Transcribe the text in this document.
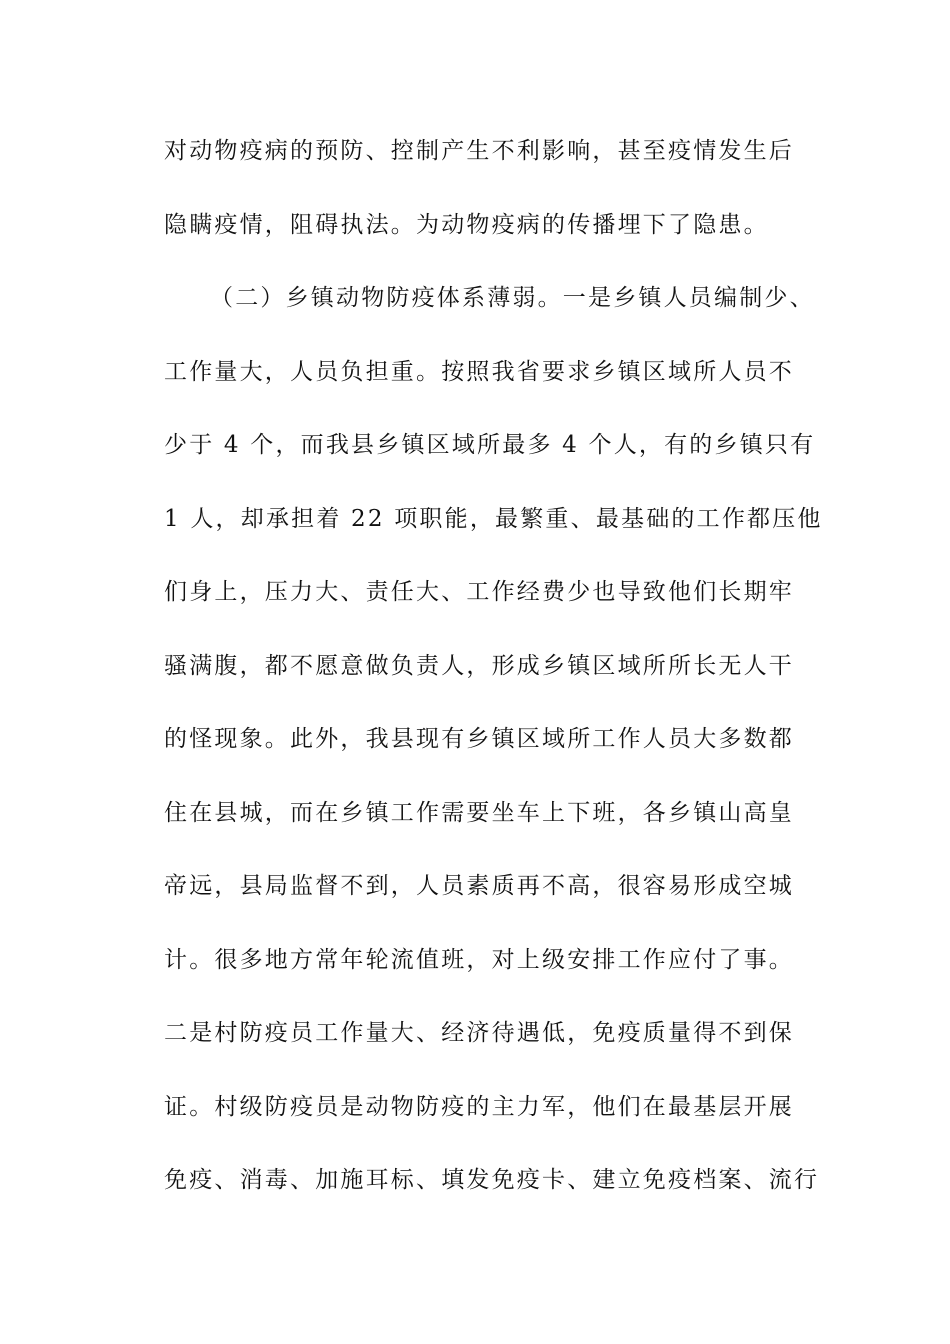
对动物疫病的预防、控制产生不利影响，甚至疫情发生后
隐瞒疫情，阻碍执法。为动物疫病的传播埋下了隐患。
（二）乡镇动物防疫体系薄弱。一是乡镇人员编制少、
工作量大，人员负担重。按照我省要求乡镇区域所人员不
少于 4 个，而我县乡镇区域所最多 4 个人，有的乡镇只有
1 人，却承担着 22 项职能，最繁重、最基础的工作都压他
们身上，压力大、责任大、工作经费少也导致他们长期牢
骚满腹，都不愿意做负责人，形成乡镇区域所所长无人干
的怪现象。此外，我县现有乡镇区域所工作人员大多数都
住在县城，而在乡镇工作需要坐车上下班，各乡镇山高皇
帝远，县局监督不到，人员素质再不高，很容易形成空城
计。很多地方常年轮流值班，对上级安排工作应付了事。
二是村防疫员工作量大、经济待遇低，免疫质量得不到保
证。村级防疫员是动物防疫的主力军，他们在最基层开展
免疫、消毒、加施耳标、填发免疫卡、建立免疫档案、流行
